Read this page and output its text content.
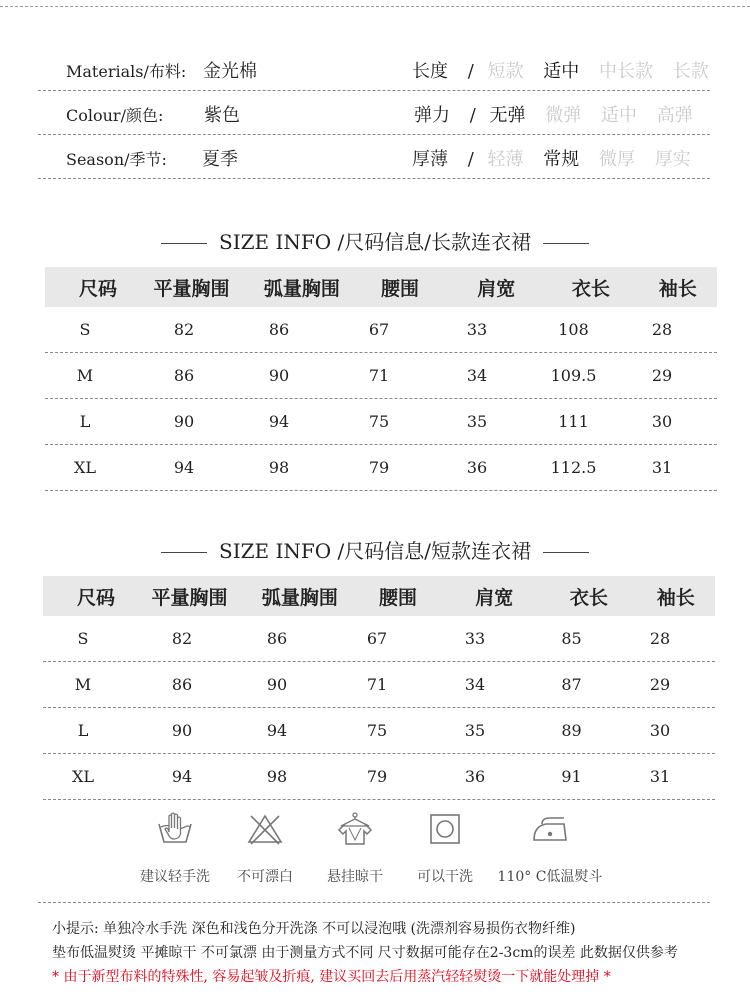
Materials/布料: 金光棉	长度 / 短款 适中 中长款 长款
Colour/颜色: 紫色	弹力 / 无弹 微弹 适中 高弹
Season/季节: 夏季	厚薄 / 轻薄 常规 微厚 厚实
SIZE INFO /尺码信息/长款连衣裙
尺码	平量胸围	弧量胸围	腰围	肩宽	衣长	袖长
S	82	86	67	33	108	28
M	86	90	71	34	109.5	29
L	90	94	75	35	111	30
XL	94	98	79	36	112.5	31
SIZE INFO /尺码信息/短款连衣裙
尺码	平量胸围	弧量胸围	腰围	肩宽	衣长	袖长
S	82	86	67	33	85	28
M	86	90	71	34	87	29
L	90	94	75	35	89	30
XL	94	98	79	36	91	31
建议轻手洗	不可漂白	悬挂晾干	可以干洗	110° C低温熨斗
小提示: 单独冷水手洗 深色和浅色分开洗涤 不可以浸泡哦 (洗漂剂容易损伤衣物纤维)
垫布低温熨烫 平摊晾干 不可氯漂 由于测量方式不同 尺寸数据可能存在2-3cm的误差 此数据仅供参考
* 由于新型布料的特殊性, 容易起皱及折痕, 建议买回去后用蒸汽轻轻熨烫一下就能处理掉 *
